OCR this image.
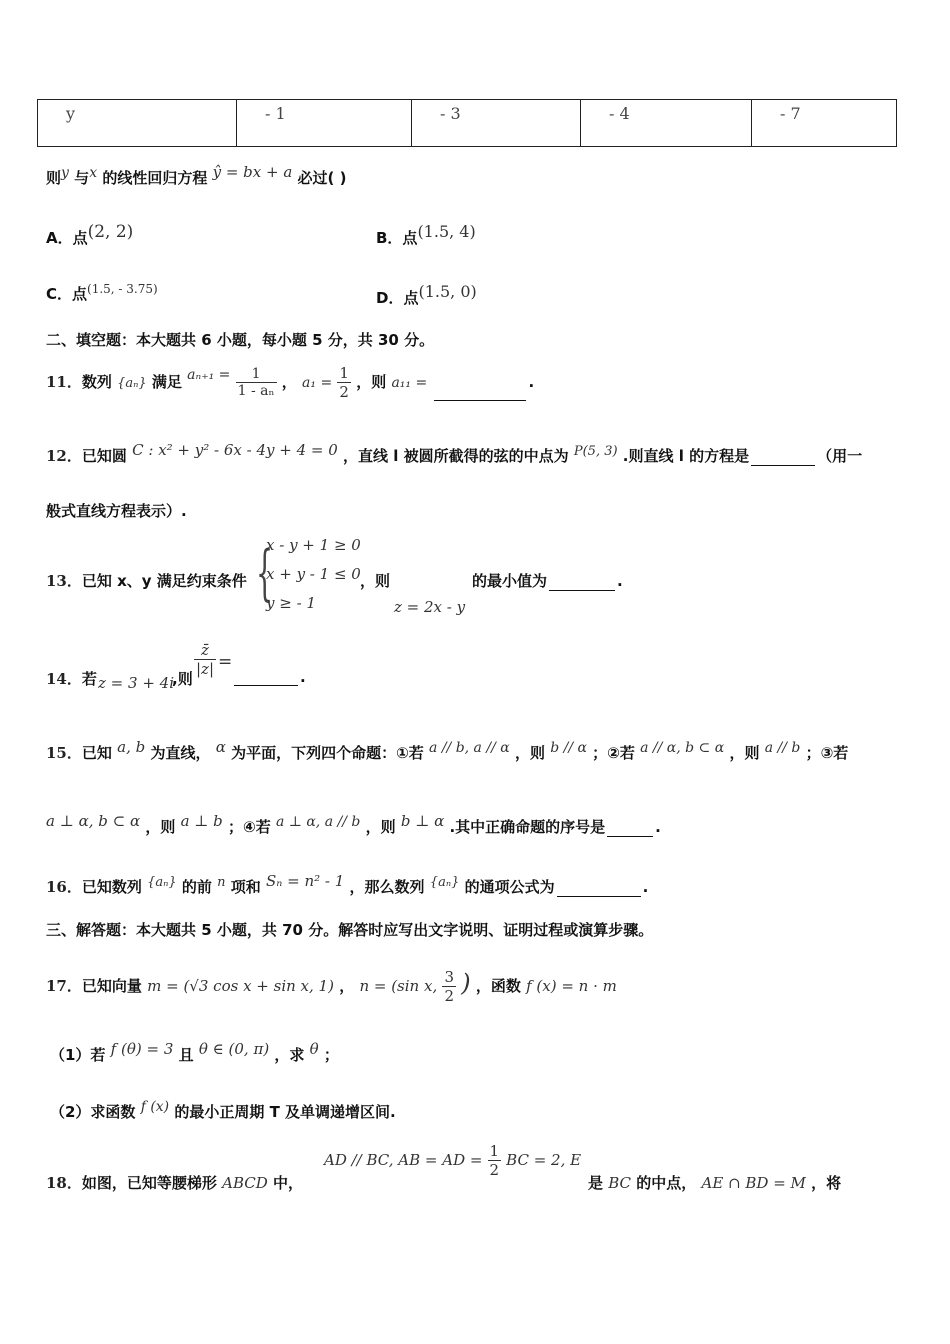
y	- 1	- 3	- 4	- 7
则$^y$ 与$^x$ 的线性回归方程 $^{ŷ = bx + a}$ 必过( )
A．点$^{(2, 2)}$	B．点$^{(1.5, 4)}$
C．点$^{(1.5, - 3.75)}$	D．点$^{(1.5, 0)}$
二、填空题：本大题共 6 小题，每小题 5 分，共 30 分。
11．数列 {aₙ} 满足 $a_{n+1} = \frac{1}{\text{1 - aₙ}}$ ， $a_1 = \frac{1}{2}$ ，则 a₁₁ =	.
12．已知圆 $^{C : x^2 + y^2 - 6x - 4y + 4 = 0}$ ，直线 l 被圆所截得的弦的中点为 $^{P(5, 3)}$ .则直线 l 的方程是	（用一
般式直线方程表示）.
13．已知 x、y 满足约束条件 {
x - y + 1 ≥ 0
x + y - 1 ≤ 0
y ≥ - 1
，则
z = 2x - y
的最小值为	.
14．若 z = 3 + 4i
,则
$\frac{z̄}{|z|}$ =
.
15．已知 $^{a, b}$ 为直线， $^\alpha$ 为平面，下列四个命题：①若 $^{a // b, a // \alpha}$ ，则 $^{b // \alpha}$ ；②若 $^{a // \alpha, b \subset \alpha}$ ，则 $^{a // b}$ ；③若
$^{a \perp \alpha, b \subset \alpha}$ ，则 $^{a \perp b}$ ；④若 $^{a \perp \alpha, a // b}$ ，则 $^{b \perp \alpha}$ .其中正确命题的序号是	.
16．已知数列 $^{\{a_n\}}$ 的前 $^n$ 项和 $^{S_n = n^2 - 1}$ ，那么数列 $^{\{a_n\}}$ 的通项公式为	.
三、解答题：本大题共 5 小题，共 70 分。解答时应写出文字说明、证明过程或演算步骤。
17．已知向量 m = (√3 cos x + sin x, 1) ， n = (sin x, $\frac{3}{2}$ ) ，函数 f (x) = n · m
（1）若 $^{f (\theta) = 3}$ 且 $^{\theta \in (0, \pi)}$ ，求 $^\theta$ ；
（2）求函数 $^{f (x)}$ 的最小正周期 T 及单调递增区间.
18．如图，已知等腰梯形 ABCD 中，
AD // BC, AB = AD = $\frac{1}{2}$ BC = 2, E
是 BC 的中点， AE ∩ BD = M ，将
